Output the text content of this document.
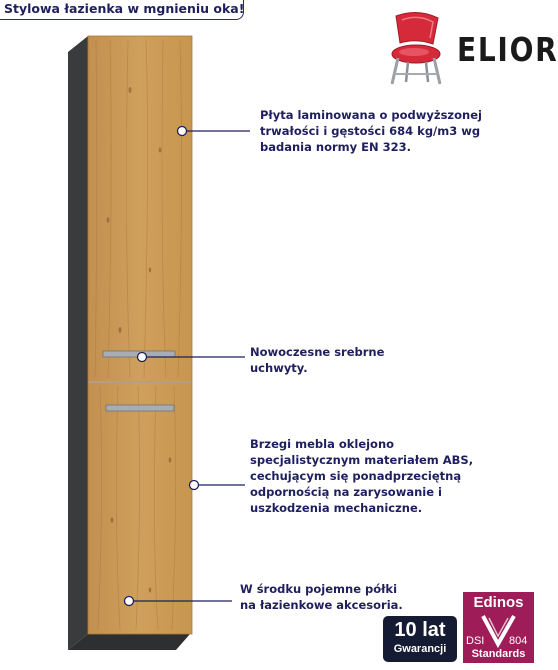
Stylowa łazienka w mgnieniu oka!
ELIOR
Płyta laminowana o podwyższonej
trwałości i gęstości 684 kg/m3 wg
badania normy EN 323.
Nowoczesne srebrne
uchwyty.
Brzegi mebla oklejono
specjalistycznym materiałem ABS,
cechującym się ponadprzeciętną
odpornością na zarysowanie i
uszkodzenia mechaniczne.
W środku pojemne półki
na łazienkowe akcesoria.
10 lat
Gwarancji
Edinos
DSI 804
Standards
